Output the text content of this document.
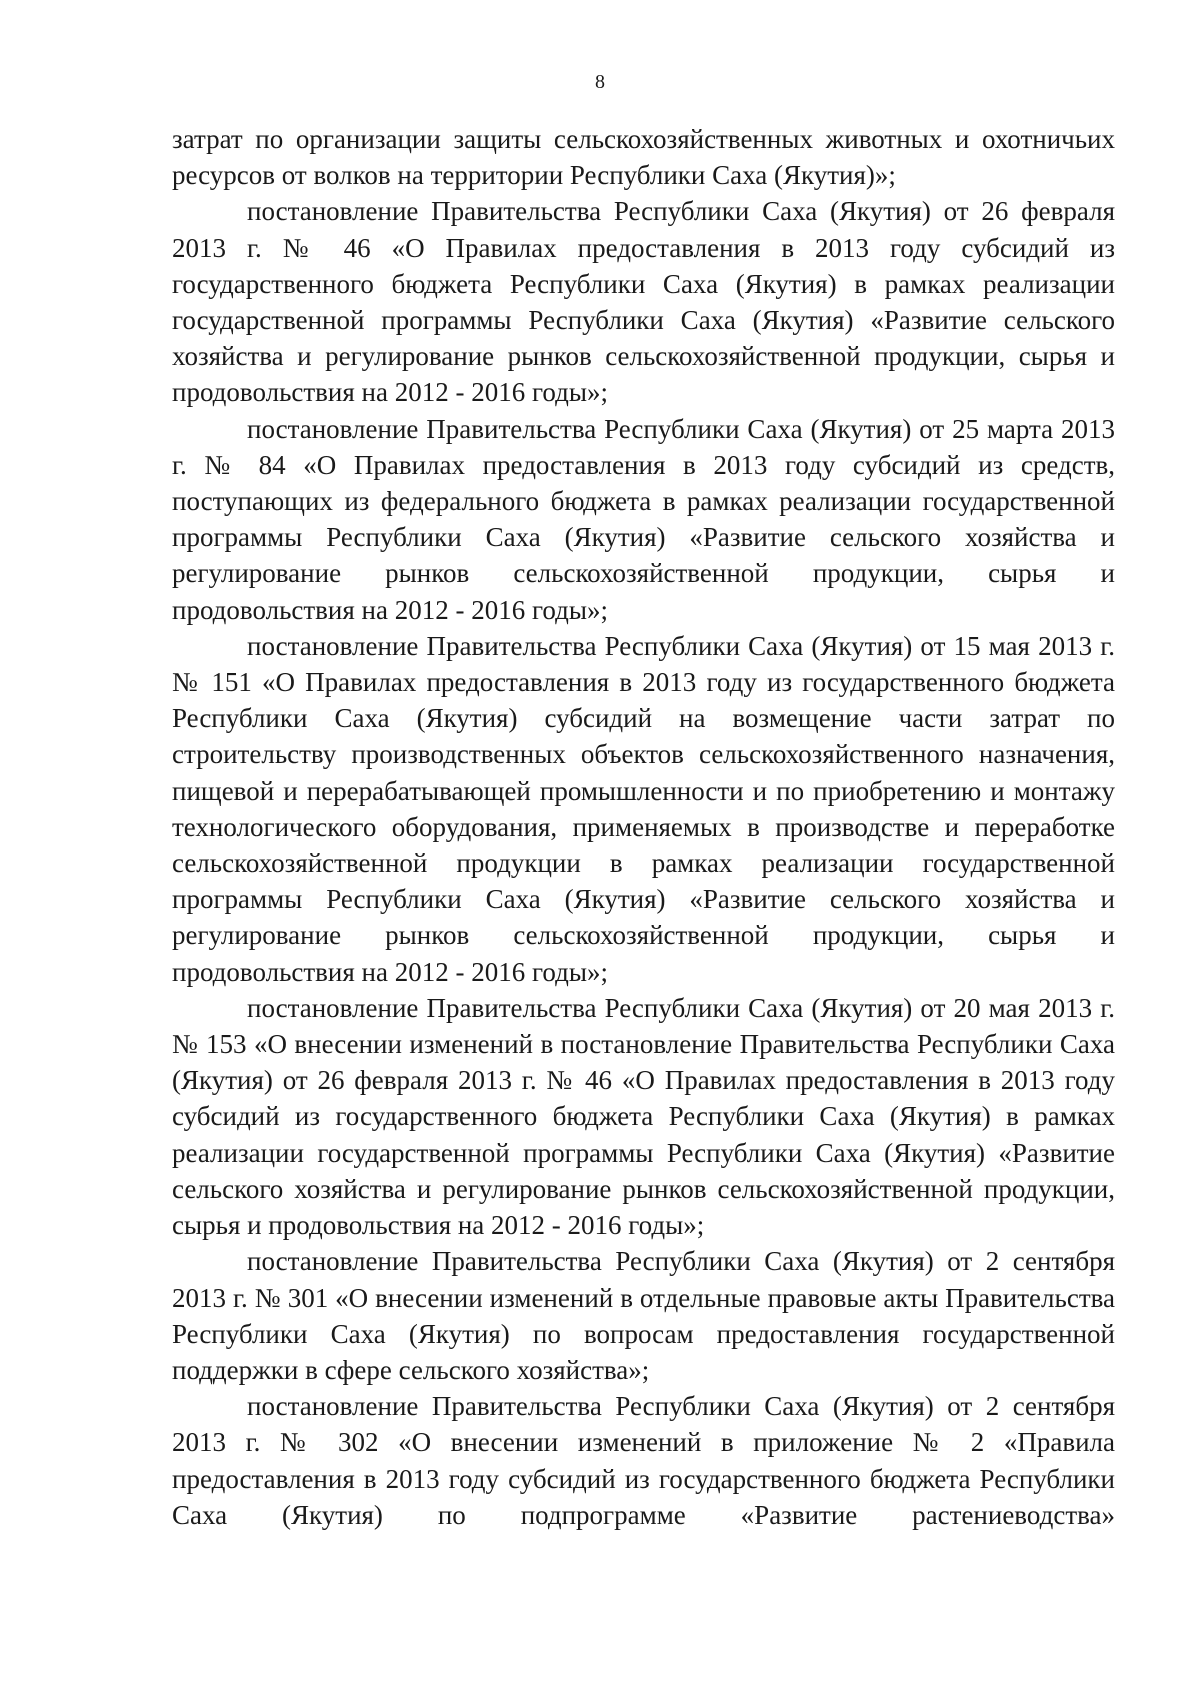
8

затрат по организации защиты сельскохозяйственных животных и охотничьих ресурсов от волков на территории Республики Саха (Якутия)»;

постановление Правительства Республики Саха (Якутия) от 26 февраля 2013 г. № 46 «О Правилах предоставления в 2013 году субсидий из государственного бюджета Республики Саха (Якутия) в рамках реализации государственной программы Республики Саха (Якутия) «Развитие сельского хозяйства и регулирование рынков сельскохозяйственной продукции, сырья и продовольствия на 2012 - 2016 годы»;

постановление Правительства Республики Саха (Якутия) от 25 марта 2013 г. № 84 «О Правилах предоставления в 2013 году субсидий из средств, поступающих из федерального бюджета в рамках реализации государственной программы Республики Саха (Якутия) «Развитие сельского хозяйства и регулирование рынков сельскохозяйственной продукции, сырья и продовольствия на 2012 - 2016 годы»;

постановление Правительства Республики Саха (Якутия) от 15 мая 2013 г. № 151 «О Правилах предоставления в 2013 году из государственного бюджета Республики Саха (Якутия) субсидий на возмещение части затрат по строительству производственных объектов сельскохозяйственного назначения, пищевой и перерабатывающей промышленности и по приобретению и монтажу технологического оборудования, применяемых в производстве и переработке сельскохозяйственной продукции в рамках реализации государственной программы Республики Саха (Якутия) «Развитие сельского хозяйства и регулирование рынков сельскохозяйственной продукции, сырья и продовольствия на 2012 - 2016 годы»;

постановление Правительства Республики Саха (Якутия) от 20 мая 2013 г. № 153 «О внесении изменений в постановление Правительства Республики Саха (Якутия) от 26 февраля 2013 г. № 46 «О Правилах предоставления в 2013 году субсидий из государственного бюджета Республики Саха (Якутия) в рамках реализации государственной программы Республики Саха (Якутия) «Развитие сельского хозяйства и регулирование рынков сельскохозяйственной продукции, сырья и продовольствия на 2012 - 2016 годы»;

постановление Правительства Республики Саха (Якутия) от 2 сентября 2013 г. № 301 «О внесении изменений в отдельные правовые акты Правительства Республики Саха (Якутия) по вопросам предоставления государственной поддержки в сфере сельского хозяйства»;

постановление Правительства Республики Саха (Якутия) от 2 сентября 2013 г. № 302 «О внесении изменений в приложение № 2 «Правила предоставления в 2013 году субсидий из государственного бюджета Республики Саха (Якутия) по подпрограмме «Развитие растениеводства»
